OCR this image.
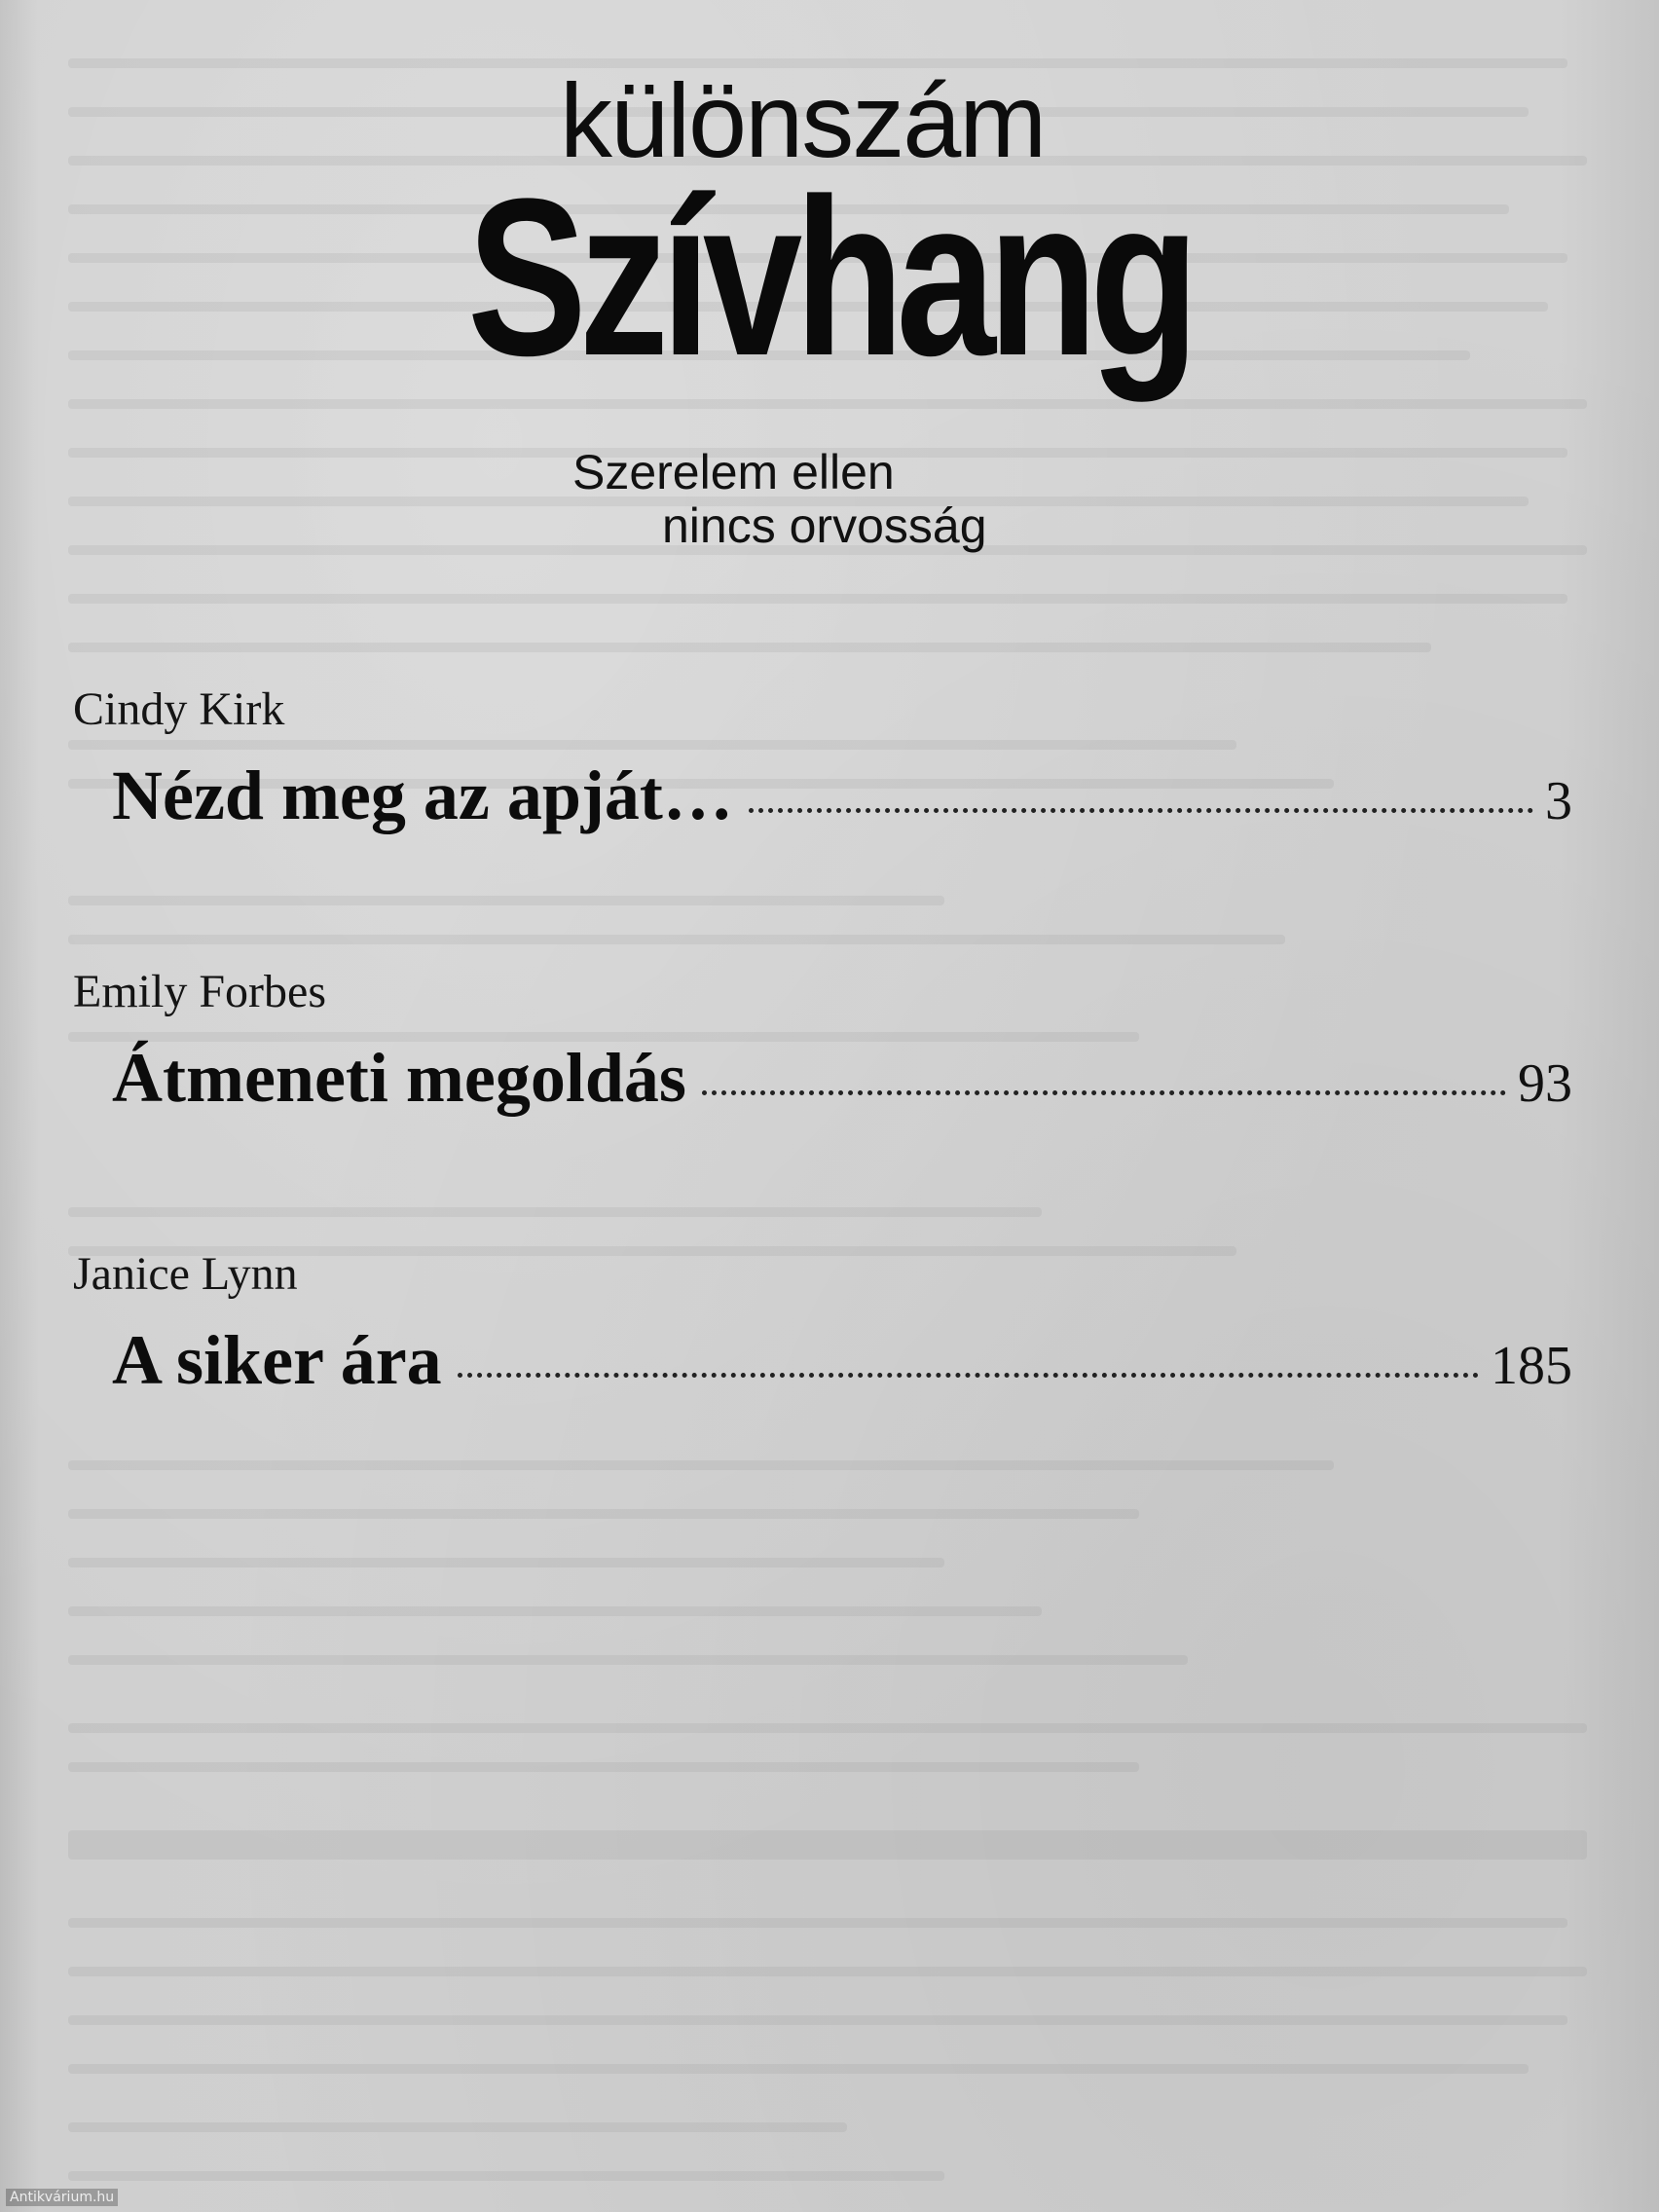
különszám
Szívhang
Szerelem ellen
nincs orvosság

Cindy Kirk

Nézd meg az apját…	3

Emily Forbes

Átmeneti megoldás	93

Janice Lynn

A siker ára	185
Antikvárium.hu
